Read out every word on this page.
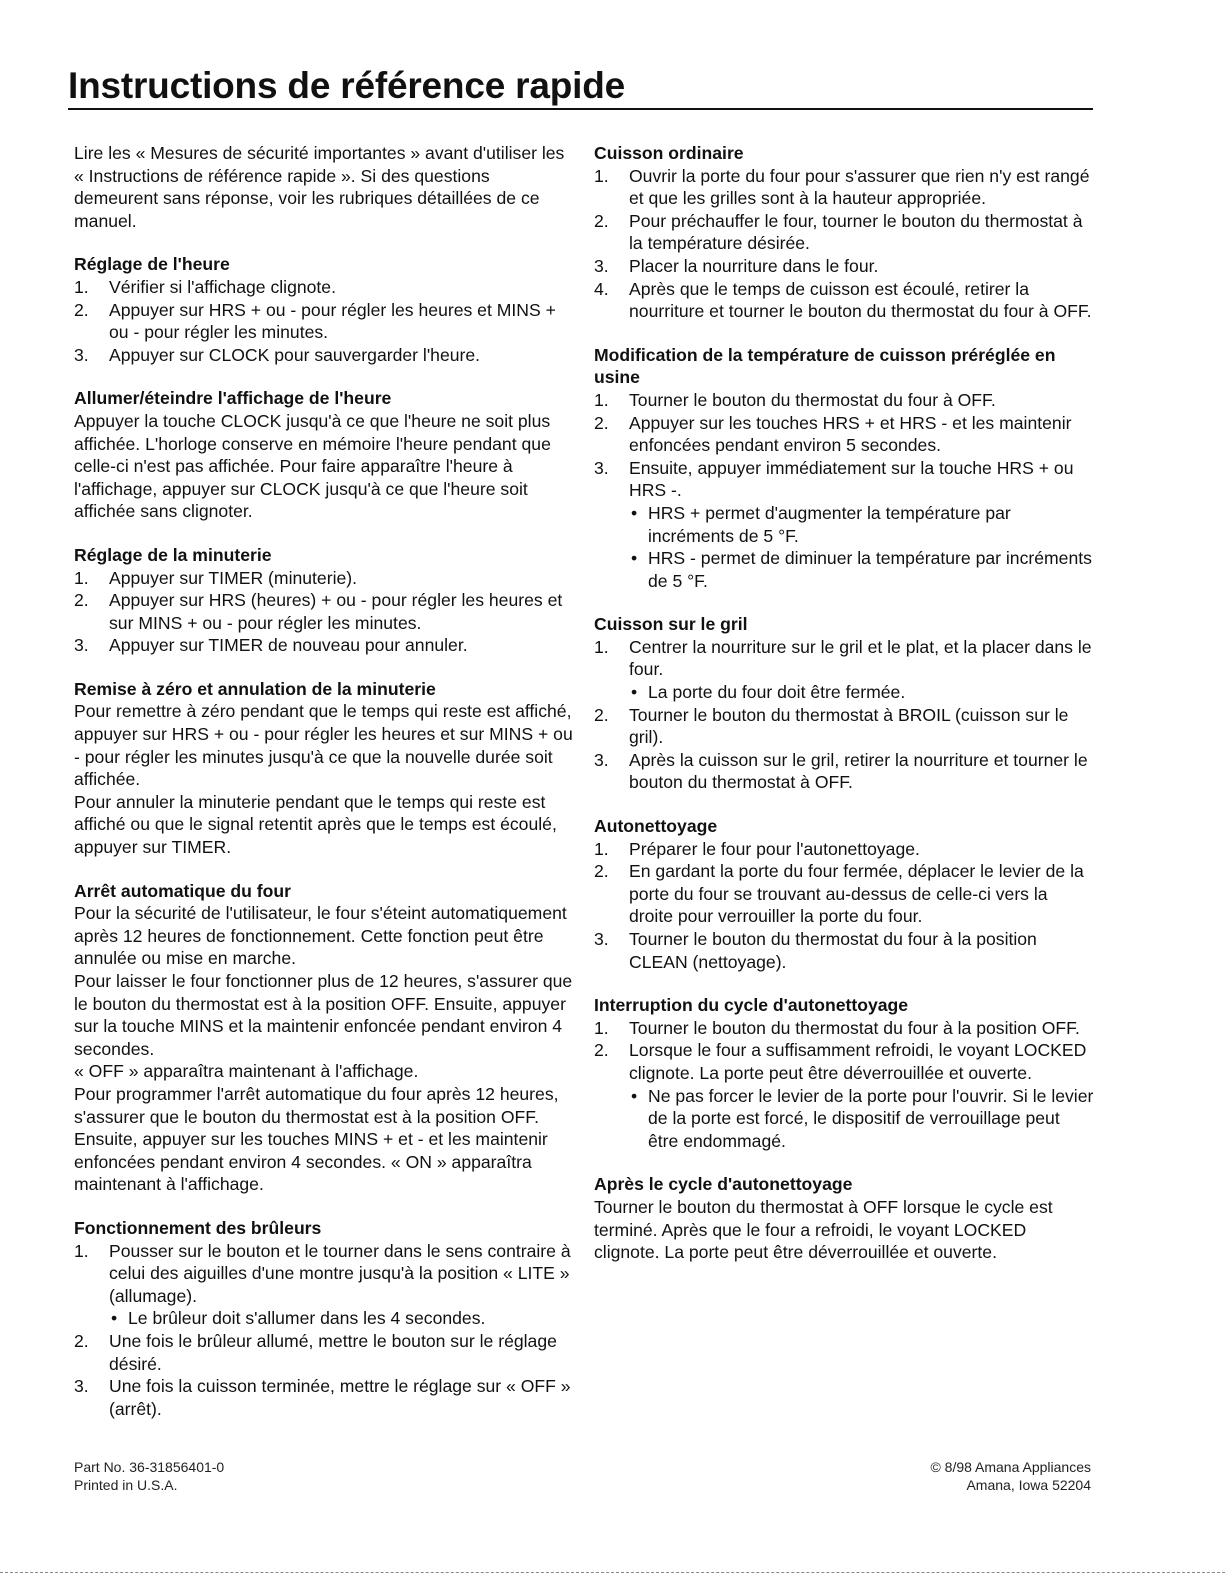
Instructions de référence rapide

Lire les « Mesures de sécurité importantes » avant d'utiliser les « Instructions de référence rapide ». Si des questions demeurent sans réponse, voir les rubriques détaillées de ce manuel.

Réglage de l'heure
1. Vérifier si l'affichage clignote.
2. Appuyer sur HRS + ou - pour régler les heures et MINS + ou - pour régler les minutes.
3. Appuyer sur CLOCK pour sauvergarder l'heure.
Allumer/éteindre l'affichage de l'heure

Appuyer la touche CLOCK jusqu'à ce que l'heure ne soit plus affichée. L'horloge conserve en mémoire l'heure pendant que celle-ci n'est pas affichée. Pour faire apparaître l'heure à l'affichage, appuyer sur CLOCK jusqu'à ce que l'heure soit affichée sans clignoter.

Réglage de la minuterie
1. Appuyer sur TIMER (minuterie).
2. Appuyer sur HRS (heures) + ou - pour régler les heures et sur MINS + ou - pour régler les minutes.
3. Appuyer sur TIMER de nouveau pour annuler.
Remise à zéro et annulation de la minuterie

Pour remettre à zéro pendant que le temps qui reste est affiché, appuyer sur HRS + ou - pour régler les heures et sur MINS + ou - pour régler les minutes jusqu'à ce que la nouvelle durée soit affichée.

Pour annuler la minuterie pendant que le temps qui reste est affiché ou que le signal retentit après que le temps est écoulé, appuyer sur TIMER.

Arrêt automatique du four

Pour la sécurité de l'utilisateur, le four s'éteint automatiquement après 12 heures de fonctionnement. Cette fonction peut être annulée ou mise en marche.

Pour laisser le four fonctionner plus de 12 heures, s'assurer que le bouton du thermostat est à la position OFF. Ensuite, appuyer sur la touche MINS et la maintenir enfoncée pendant environ 4 secondes.

« OFF » apparaîtra maintenant à l'affichage.

Pour programmer l'arrêt automatique du four après 12 heures, s'assurer que le bouton du thermostat est à la position OFF. Ensuite, appuyer sur les touches MINS + et - et les maintenir enfoncées pendant environ 4 secondes. « ON » apparaîtra maintenant à l'affichage.

Fonctionnement des brûleurs
1. Pousser sur le bouton et le tourner dans le sens contraire à celui des aiguilles d'une montre jusqu'à la position « LITE » (allumage).
• Le brûleur doit s'allumer dans les 4 secondes.
2. Une fois le brûleur allumé, mettre le bouton sur le réglage désiré.
3. Une fois la cuisson terminée, mettre le réglage sur « OFF » (arrêt).
Cuisson ordinaire
1. Ouvrir la porte du four pour s'assurer que rien n'y est rangé et que les grilles sont à la hauteur appropriée.
2. Pour préchauffer le four, tourner le bouton du thermostat à la température désirée.
3. Placer la nourriture dans le four.
4. Après que le temps de cuisson est écoulé, retirer la nourriture et tourner le bouton du thermostat du four à OFF.
Modification de la température de cuisson préréglée en usine
1. Tourner le bouton du thermostat du four à OFF.
2. Appuyer sur les touches HRS + et HRS - et les maintenir enfoncées pendant environ 5 secondes.
3. Ensuite, appuyer immédiatement sur la touche HRS + ou HRS -.
• HRS + permet d'augmenter la température par incréments de 5 °F.
• HRS - permet de diminuer la température par incréments de 5 °F.
Cuisson sur le gril
1. Centrer la nourriture sur le gril et le plat, et la placer dans le four.
• La porte du four doit être fermée.
2. Tourner le bouton du thermostat à BROIL (cuisson sur le gril).
3. Après la cuisson sur le gril, retirer la nourriture et tourner le bouton du thermostat à OFF.
Autonettoyage
1. Préparer le four pour l'autonettoyage.
2. En gardant la porte du four fermée, déplacer le levier de la porte du four se trouvant au-dessus de celle-ci vers la droite pour verrouiller la porte du four.
3. Tourner le bouton du thermostat du four à la position CLEAN (nettoyage).
Interruption du cycle d'autonettoyage
1. Tourner le bouton du thermostat du four à la position OFF.
2. Lorsque le four a suffisamment refroidi, le voyant LOCKED clignote. La porte peut être déverrouillée et ouverte.
• Ne pas forcer le levier de la porte pour l'ouvrir. Si le levier de la porte est forcé, le dispositif de verrouillage peut être endommagé.
Après le cycle d'autonettoyage

Tourner le bouton du thermostat à OFF lorsque le cycle est terminé. Après que le four a refroidi, le voyant LOCKED clignote. La porte peut être déverrouillée et ouverte.

Part No. 36-31856401-0
Printed in U.S.A.
© 8/98 Amana Appliances
Amana, Iowa 52204
